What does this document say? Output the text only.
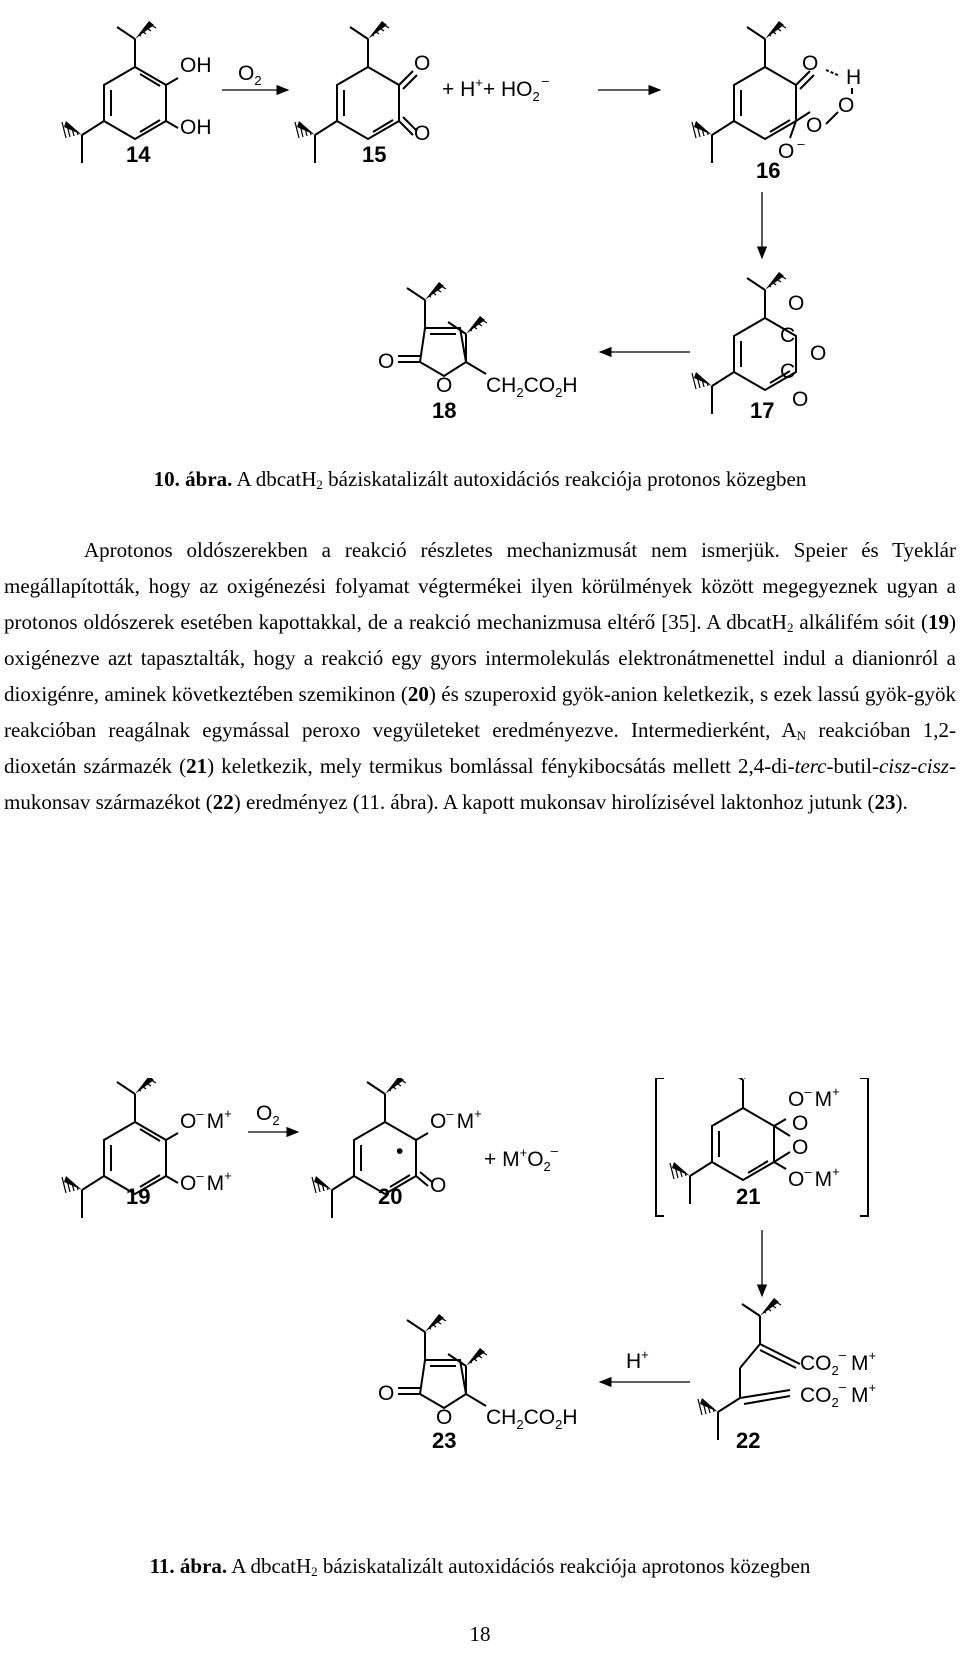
OH
OH
14
$O_2$
O
O
15
+ $H^++ HO_2^-$
O
H
O
O
O –
16
O
C
O
C
O
17
O
O $CH_2CO_2H$
18
10. ábra. A dbcatH$_2$ báziskatalizált autoxidációs reakciója protonos közegben

Aprotonos oldószerekben a reakció részletes mechanizmusát nem ismerjük. Speier és Tyeklár megállapították, hogy az oxigénezési folyamat végtermékei ilyen körülmények között megegyeznek ugyan a protonos oldószerek esetében kapottakkal, de a reakció mechanizmusa eltérő [35]. A dbcatH$_2$ alkálifém sóit (19) oxigénezve azt tapasztalták, hogy a reakció egy gyors intermolekulás elektronátmenettel indul a dianionról a dioxigénre, aminek következtében szemikinon (20) és szuperoxid gyök-anion keletkezik, s ezek lassú gyök-gyök reakcióban reagálnak egymással peroxo vegyületeket eredményezve. Intermedierként, $A_N$ reakcióban 1,2-dioxetán származék (21) keletkezik, mely termikus bomlással fénykibocsátás mellett 2,4-di-terc-butil-cisz-cisz-mukonsav származékot (22) eredményez (11. ábra). A kapott mukonsav hirolízisével laktonhoz jutunk (23).

O– M+
O– M+
19
$O_2$
•
O– M+
O
20
+ $M^+O_2^-$
O– M+
O
O
O– M+
21
$CO_2^-$ M+
$CO_2^-$ M+
22
H+
O
O $CH_2CO_2H$
23
11. ábra. A dbcatH$_2$ báziskatalizált autoxidációs reakciója aprotonos közegben
18
